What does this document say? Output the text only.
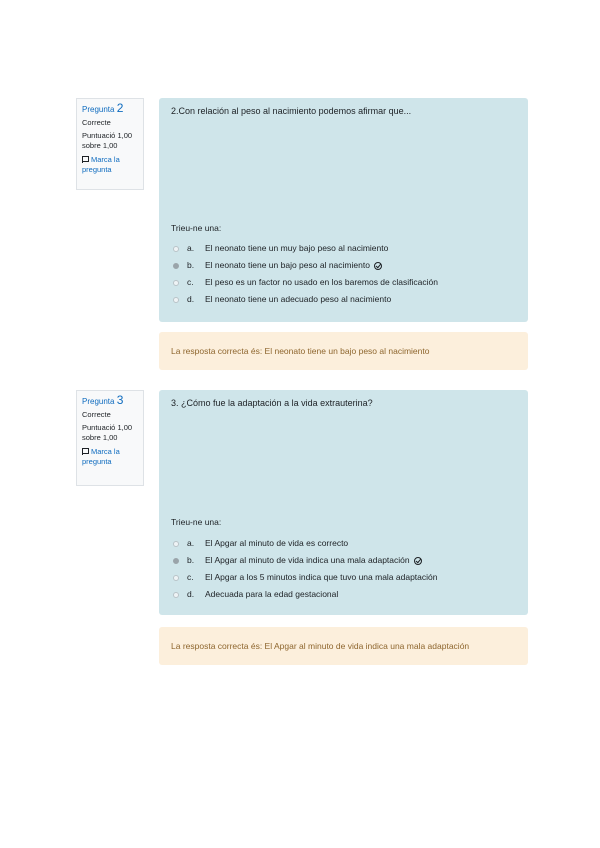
Pregunta 2
Correcte
Puntuació 1,00 sobre 1,00
Marca la pregunta
2.Con relación al peso al nacimiento podemos afirmar que...
Trieu-ne una:
a.	El neonato tiene un muy bajo peso al nacimiento
b.	El neonato tiene un bajo peso al nacimiento
c.	El peso es un factor no usado en los baremos de clasificación
d.	El neonato tiene un adecuado peso al nacimiento
La resposta correcta és: El neonato tiene un bajo peso al nacimiento
Pregunta 3
Correcte
Puntuació 1,00 sobre 1,00
Marca la pregunta
3. ¿Cómo fue la adaptación a la vida extrauterina?
Trieu-ne una:
a.	El Apgar al minuto de vida es correcto
b.	El Apgar al minuto de vida indica una mala adaptación
c.	El Apgar a los 5 minutos indica que tuvo una mala adaptación
d.	Adecuada para la edad gestacional
La resposta correcta és: El Apgar al minuto de vida indica una mala adaptación
